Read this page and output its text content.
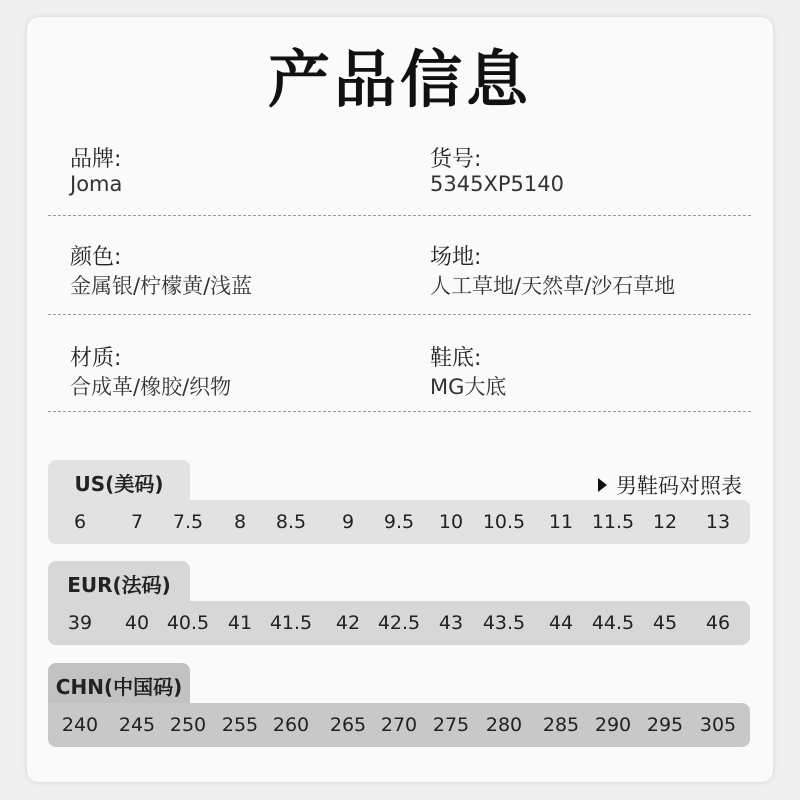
产品信息
品牌:
Joma
货号:
5345XP5140
颜色:
金属银/柠檬黄/浅蓝
场地:
人工草地/天然草/沙石草地
材质:
合成革/橡胶/织物
鞋底:
MG大底
男鞋码对照表
US(美码)
6 7 7.5 8 8.5 9 9.5 10 10.5 11 11.5 12 13
EUR(法码)
39 40 40.5 41 41.5 42 42.5 43 43.5 44 44.5 45 46
CHN(中国码)
240 245 250 255 260 265 270 275 280 285 290 295 305
